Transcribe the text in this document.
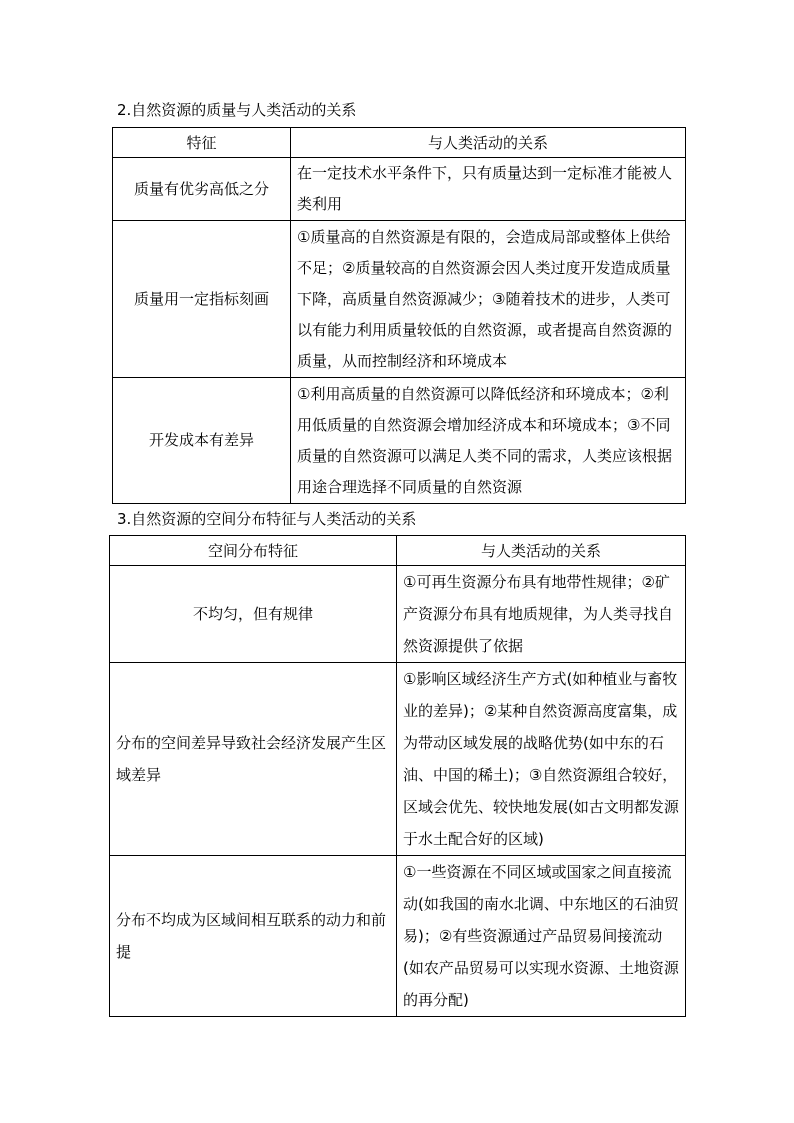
2.自然资源的质量与人类活动的关系
特征	与人类活动的关系
质量有优劣高低之分	在一定技术水平条件下，只有质量达到一定标准才能被人类利用
质量用一定指标刻画	①质量高的自然资源是有限的，会造成局部或整体上供给不足；②质量较高的自然资源会因人类过度开发造成质量下降，高质量自然资源减少；③随着技术的进步，人类可以有能力利用质量较低的自然资源，或者提高自然资源的质量，从而控制经济和环境成本
开发成本有差异	①利用高质量的自然资源可以降低经济和环境成本；②利用低质量的自然资源会增加经济成本和环境成本；③不同质量的自然资源可以满足人类不同的需求，人类应该根据用途合理选择不同质量的自然资源
3.自然资源的空间分布特征与人类活动的关系
空间分布特征	与人类活动的关系
不均匀，但有规律	①可再生资源分布具有地带性规律；②矿产资源分布具有地质规律，为人类寻找自然资源提供了依据
分布的空间差异导致社会经济发展产生区域差异	①影响区域经济生产方式(如种植业与畜牧业的差异)；②某种自然资源高度富集，成为带动区域发展的战略优势(如中东的石油、中国的稀土)；③自然资源组合较好，区域会优先、较快地发展(如古文明都发源于水土配合好的区域)
分布不均成为区域间相互联系的动力和前提	①一些资源在不同区域或国家之间直接流动(如我国的南水北调、中东地区的石油贸易)；②有些资源通过产品贸易间接流动(如农产品贸易可以实现水资源、土地资源的再分配)
